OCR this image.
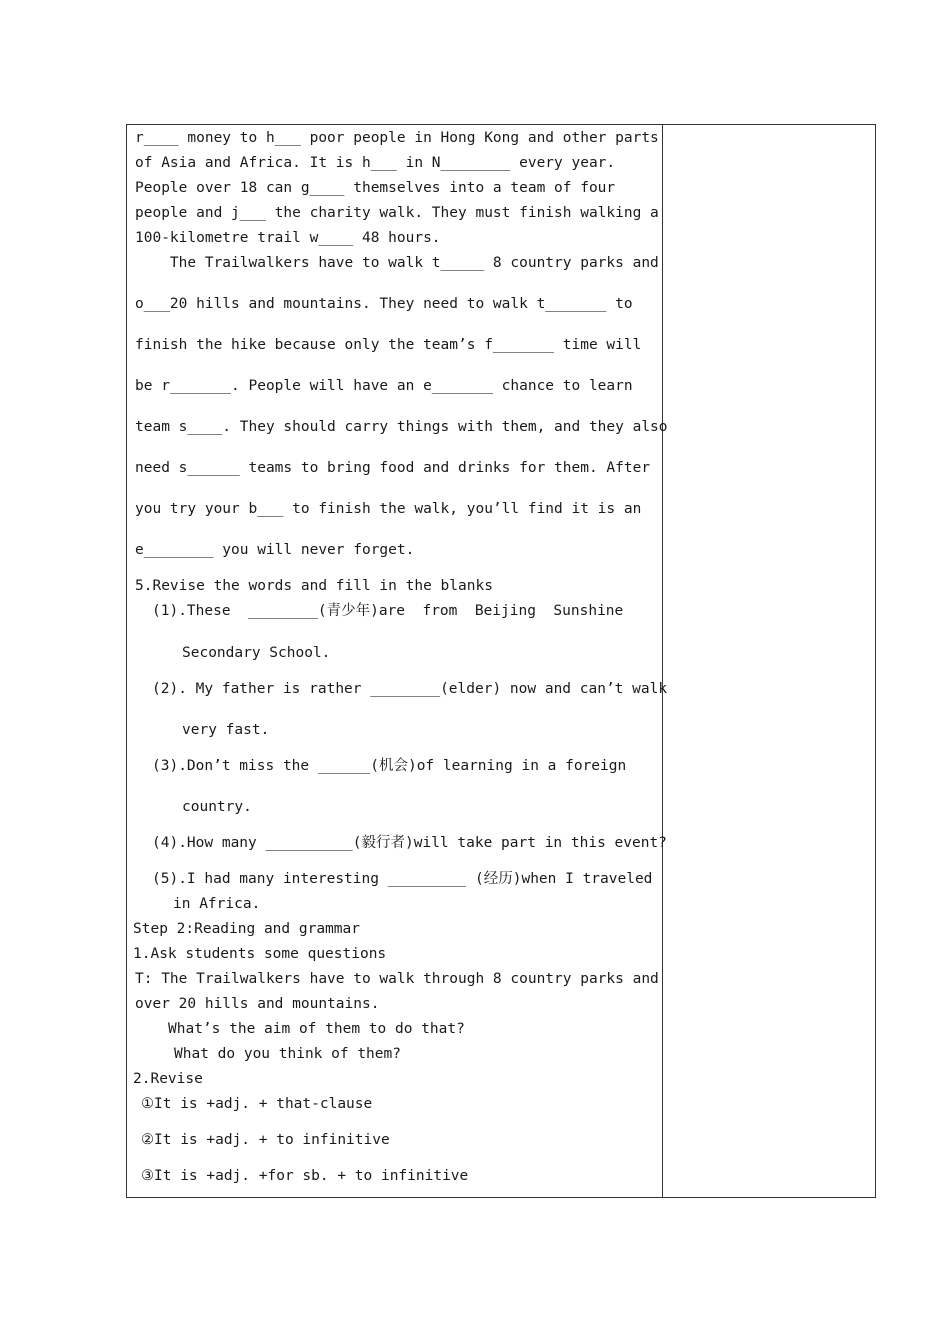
r____ money to h___ poor people in Hong Kong and other parts
of Asia and Africa. It is h___ in N________ every year.
People over 18 can g____ themselves into a team of four
people and j___ the charity walk. They must finish walking a
100-kilometre trail w____ 48 hours.
The Trailwalkers have to walk t_____ 8 country parks and
o___20 hills and mountains. They need to walk t_______ to
finish the hike because only the team’s f_______ time will
be r_______. People will have an e_______ chance to learn
team s____. They should carry things with them, and they also
need s______ teams to bring food and drinks for them. After
you try your b___ to finish the walk, you’ll find it is an
e________ you will never forget.
5.Revise the words and fill in the blanks
(1).These  ________(青少年)are  from  Beijing  Sunshine
Secondary School.
(2). My father is rather ________(elder) now and can’t walk
very fast.
(3).Don’t miss the ______(机会)of learning in a foreign
country.
(4).How many __________(毅行者)will take part in this event?
(5).I had many interesting _________ (经历)when I traveled
in Africa.
Step 2:Reading and grammar
1.Ask students some questions
T: The Trailwalkers have to walk through 8 country parks and
over 20 hills and mountains.
What’s the aim of them to do that?
What do you think of them?
2.Revise
①It is +adj. + that-clause
②It is +adj. + to infinitive
③It is +adj. +for sb. + to infinitive
